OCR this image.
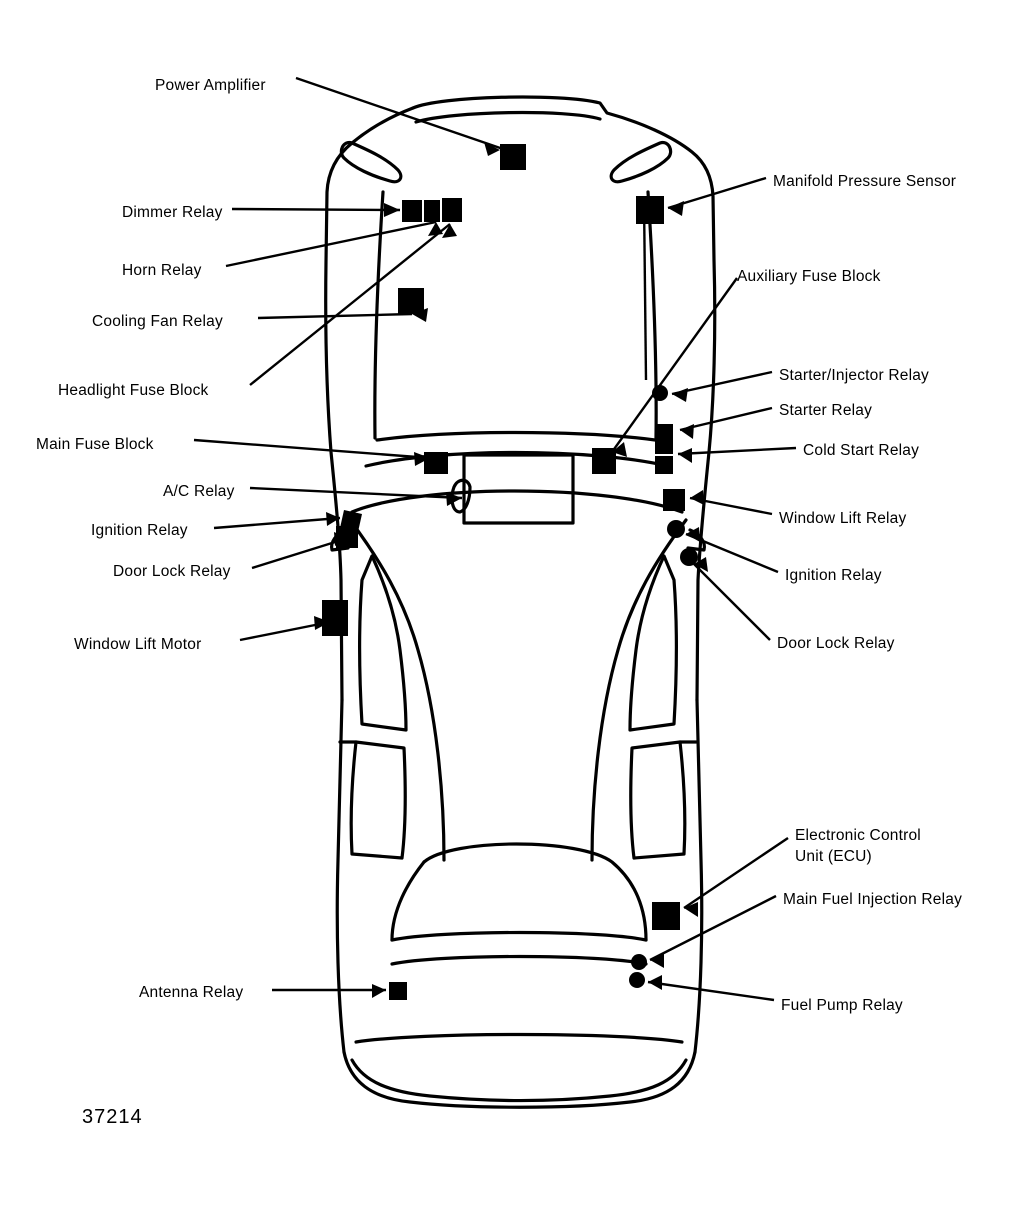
Power Amplifier
Manifold Pressure Sensor
Dimmer Relay
Horn Relay	Auxiliary Fuse Block
Cooling Fan Relay
Starter/Injector Relay
Headlight Fuse Block
Starter Relay
Cold Start Relay
Main Fuse Block
A/C Relay
Window Lift Relay
Ignition Relay
Ignition Relay
Door Lock Relay
Window Lift Motor	Door Lock Relay
Electronic Control
Unit (ECU)
Main Fuel Injection Relay
Antenna Relay
Fuel Pump Relay
37214
